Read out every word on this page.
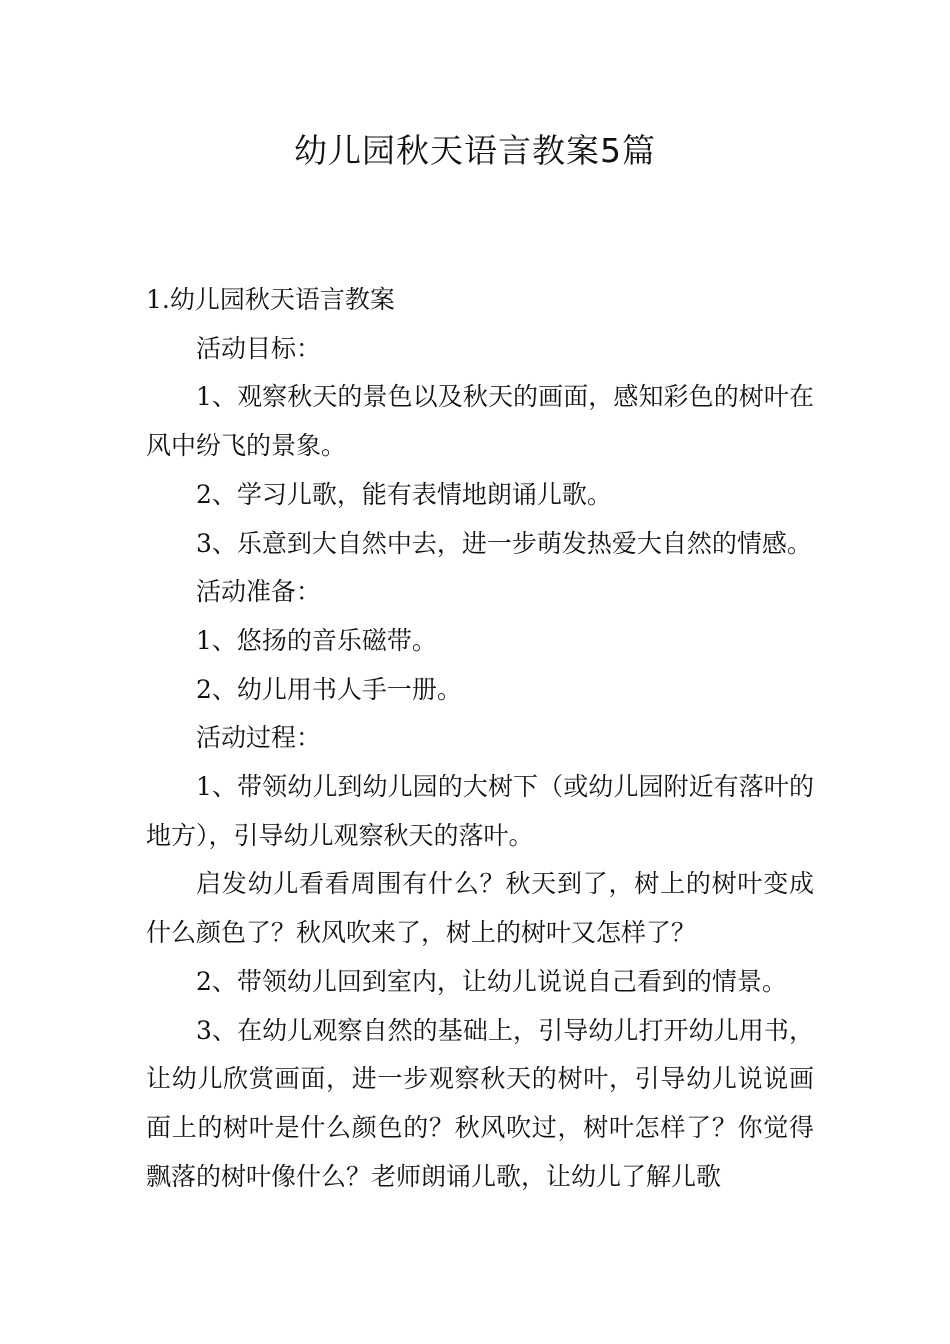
幼儿园秋天语言教案5篇

1.幼儿园秋天语言教案

活动目标：

1、观察秋天的景色以及秋天的画面，感知彩色的树叶在风中纷飞的景象。

2、学习儿歌，能有表情地朗诵儿歌。

3、乐意到大自然中去，进一步萌发热爱大自然的情感。

活动准备：

1、悠扬的音乐磁带。

2、幼儿用书人手一册。

活动过程：

1、带领幼儿到幼儿园的大树下（或幼儿园附近有落叶的地方），引导幼儿观察秋天的落叶。

启发幼儿看看周围有什么？秋天到了，树上的树叶变成什么颜色了？秋风吹来了，树上的树叶又怎样了？

2、带领幼儿回到室内，让幼儿说说自己看到的情景。

3、在幼儿观察自然的基础上，引导幼儿打开幼儿用书，让幼儿欣赏画面，进一步观察秋天的树叶，引导幼儿说说画面上的树叶是什么颜色的？秋风吹过，树叶怎样了？你觉得飘落的树叶像什么？老师朗诵儿歌，让幼儿了解儿歌
